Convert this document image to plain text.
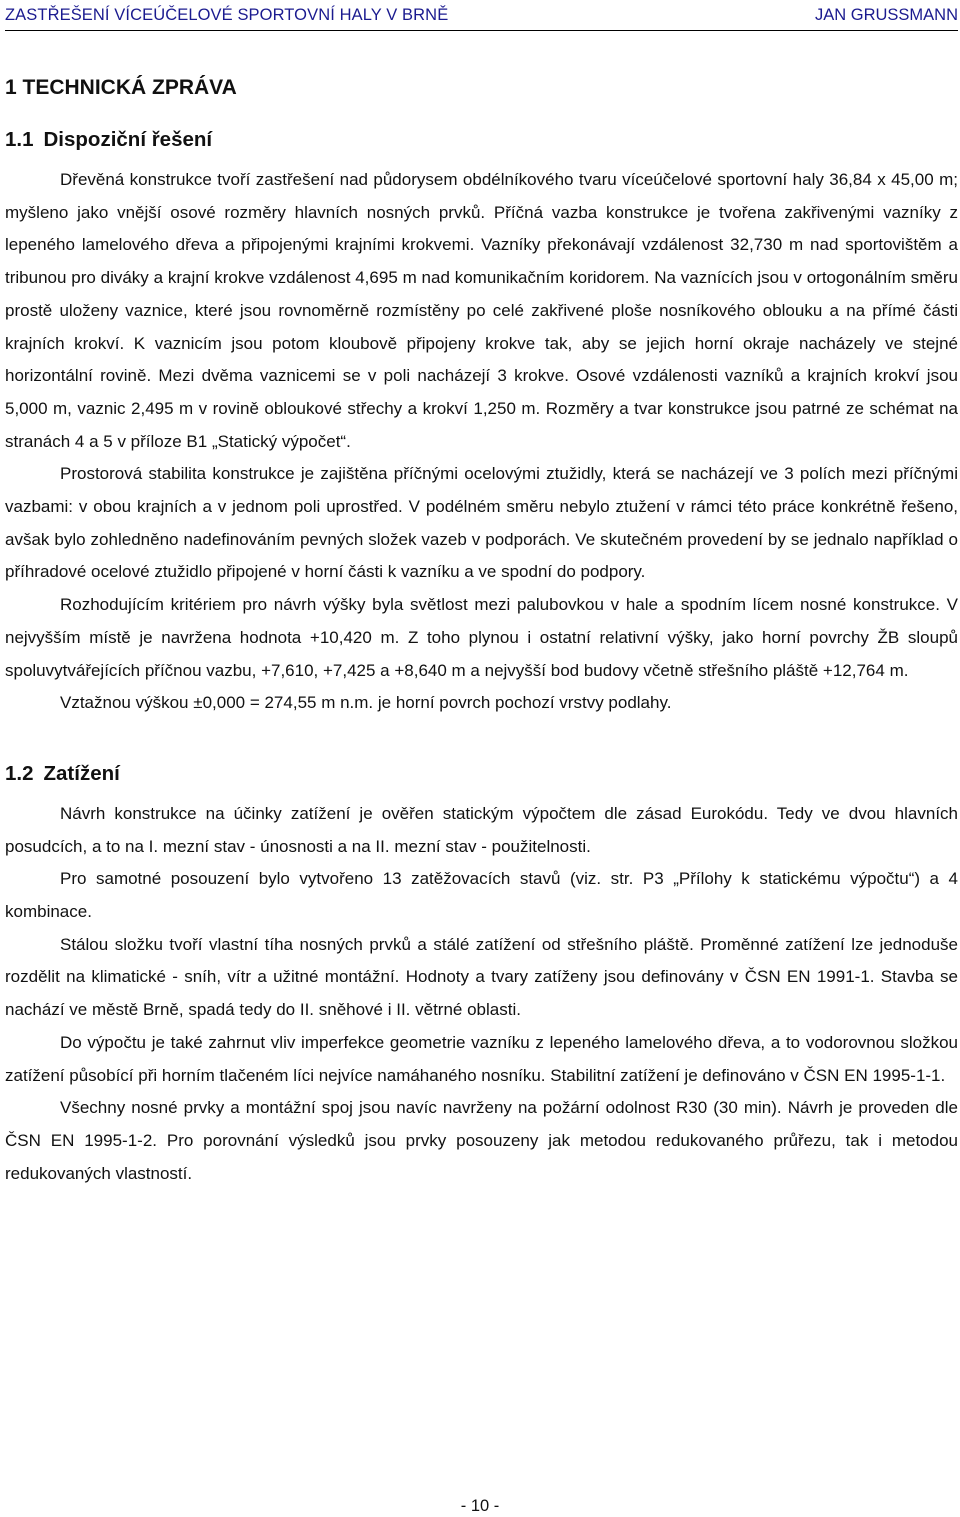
ZASTŘEŠENÍ VÍCEÚČELOVÉ SPORTOVNÍ HALY V BRNĚ	JAN GRUSSMANN
1 TECHNICKÁ ZPRÁVA
1.1 Dispoziční řešení

Dřevěná konstrukce tvoří zastřešení nad půdorysem obdélníkového tvaru víceúčelové sportovní haly 36,84 x 45,00 m; myšleno jako vnější osové rozměry hlavních nosných prvků. Příčná vazba konstrukce je tvořena zakřivenými vazníky z lepeného lamelového dřeva a připojenými krajními krokvemi. Vazníky překonávají vzdálenost 32,730 m nad sportovištěm a tribunou pro diváky a krajní krokve vzdálenost 4,695 m nad komunikačním koridorem. Na vaznících jsou v ortogonálním směru prostě uloženy vaznice, které jsou rovnoměrně rozmístěny po celé zakřivené ploše nosníkového oblouku a na přímé části krajních krokví. K vaznicím jsou potom kloubově připojeny krokve tak, aby se jejich horní okraje nacházely ve stejné horizontální rovině. Mezi dvěma vaznicemi se v poli nacházejí 3 krokve. Osové vzdálenosti vazníků a krajních krokví jsou 5,000 m, vaznic 2,495 m v rovině obloukové střechy a krokví 1,250 m. Rozměry a tvar konstrukce jsou patrné ze schémat na stranách 4 a 5 v příloze B1 „Statický výpočet“.

Prostorová stabilita konstrukce je zajištěna příčnými ocelovými ztužidly, která se nacházejí ve 3 polích mezi příčnými vazbami: v obou krajních a v jednom poli uprostřed. V podélném směru nebylo ztužení v rámci této práce konkrétně řešeno, avšak bylo zohledněno nadefinováním pevných složek vazeb v podporách. Ve skutečném provedení by se jednalo například o příhradové ocelové ztužidlo připojené v horní části k vazníku a ve spodní do podpory.

Rozhodujícím kritériem pro návrh výšky byla světlost mezi palubovkou v hale a spodním lícem nosné konstrukce. V nejvyšším místě je navržena hodnota +10,420 m. Z toho plynou i ostatní relativní výšky, jako horní povrchy ŽB sloupů spoluvytvářejících příčnou vazbu, +7,610, +7,425 a +8,640 m a nejvyšší bod budovy včetně střešního pláště +12,764 m.

Vztažnou výškou ±0,000 = 274,55 m n.m. je horní povrch pochozí vrstvy podlahy.

1.2 Zatížení

Návrh konstrukce na účinky zatížení je ověřen statickým výpočtem dle zásad Eurokódu. Tedy ve dvou hlavních posudcích, a to na I. mezní stav - únosnosti a na II. mezní stav - použitelnosti.

Pro samotné posouzení bylo vytvořeno 13 zatěžovacích stavů (viz. str. P3 „Přílohy k statickému výpočtu“) a 4 kombinace.

Stálou složku tvoří vlastní tíha nosných prvků a stálé zatížení od střešního pláště. Proměnné zatížení lze jednoduše rozdělit na klimatické - sníh, vítr a užitné montážní. Hodnoty a tvary zatíženy jsou definovány v ČSN EN 1991-1. Stavba se nachází ve městě Brně, spadá tedy do II. sněhové i II. větrné oblasti.

Do výpočtu je také zahrnut vliv imperfekce geometrie vazníku z lepeného lamelového dřeva, a to vodorovnou složkou zatížení působící při horním tlačeném líci nejvíce namáhaného nosníku. Stabilitní zatížení je definováno v ČSN EN 1995-1-1.

Všechny nosné prvky a montážní spoj jsou navíc navrženy na požární odolnost R30 (30 min). Návrh je proveden dle ČSN EN 1995-1-2. Pro porovnání výsledků jsou prvky posouzeny jak metodou redukovaného průřezu, tak i metodou redukovaných vlastností.

- 10 -
